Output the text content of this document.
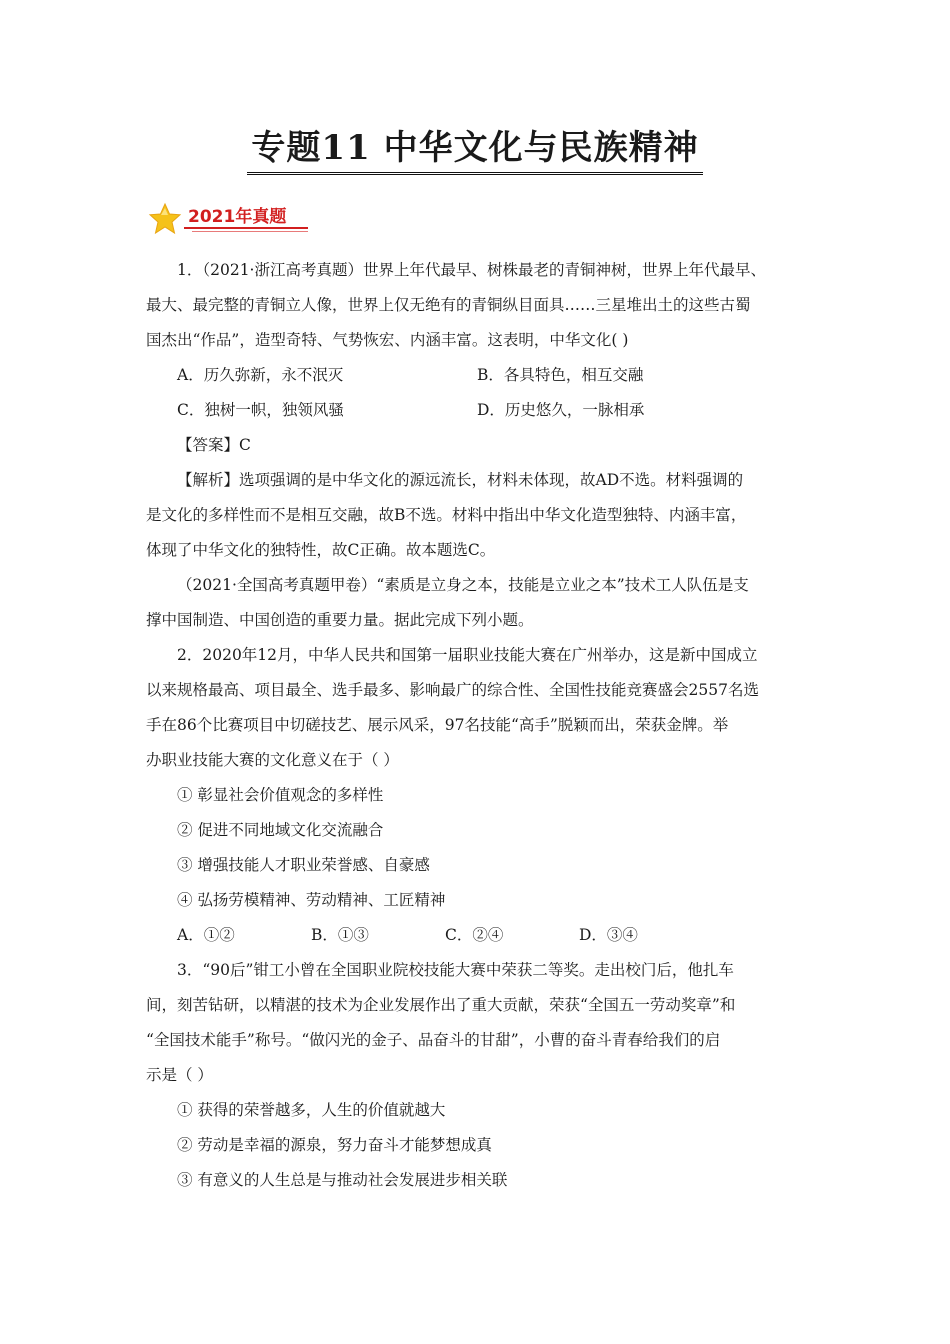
专题11 中华文化与民族精神
2021年真题
1．（2021·浙江高考真题）世界上年代最早、树株最老的青铜神树，世界上年代最早、
最大、最完整的青铜立人像，世界上仅无绝有的青铜纵目面具……三星堆出土的这些古蜀
国杰出“作品”，造型奇特、气势恢宏、内涵丰富。这表明，中华文化( )
A．历久弥新，永不泯灭	B．各具特色，相互交融
C．独树一帜，独领风骚	D．历史悠久，一脉相承
【答案】C
【解析】选项强调的是中华文化的源远流长，材料未体现，故AD不选。材料强调的
是文化的多样性而不是相互交融，故B不选。材料中指出中华文化造型独特、内涵丰富，
体现了中华文化的独特性，故C正确。故本题选C。
（2021·全国高考真题甲卷）“素质是立身之本，技能是立业之本”技术工人队伍是支
撑中国制造、中国创造的重要力量。据此完成下列小题。
2．2020年12月，中华人民共和国第一届职业技能大赛在广州举办，这是新中国成立
以来规格最高、项目最全、选手最多、影响最广的综合性、全国性技能竞赛盛会2557名选
手在86个比赛项目中切磋技艺、展示风采，97名技能“高手”脱颖而出，荣获金牌。举
办职业技能大赛的文化意义在于（ ）
① 彰显社会价值观念的多样性
② 促进不同地域文化交流融合
③ 增强技能人才职业荣誉感、自豪感
④ 弘扬劳模精神、劳动精神、工匠精神
A．①②	B．①③	C．②④	D．③④
3．“90后”钳工小曾在全国职业院校技能大赛中荣获二等奖。走出校门后，他扎车
间，刻苦钻研，以精湛的技术为企业发展作出了重大贡献，荣获“全国五一劳动奖章”和
“全国技术能手”称号。“做闪光的金子、品奋斗的甘甜”，小曹的奋斗青春给我们的启
示是（ ）
① 获得的荣誉越多，人生的价值就越大
② 劳动是幸福的源泉，努力奋斗才能梦想成真
③ 有意义的人生总是与推动社会发展进步相关联
